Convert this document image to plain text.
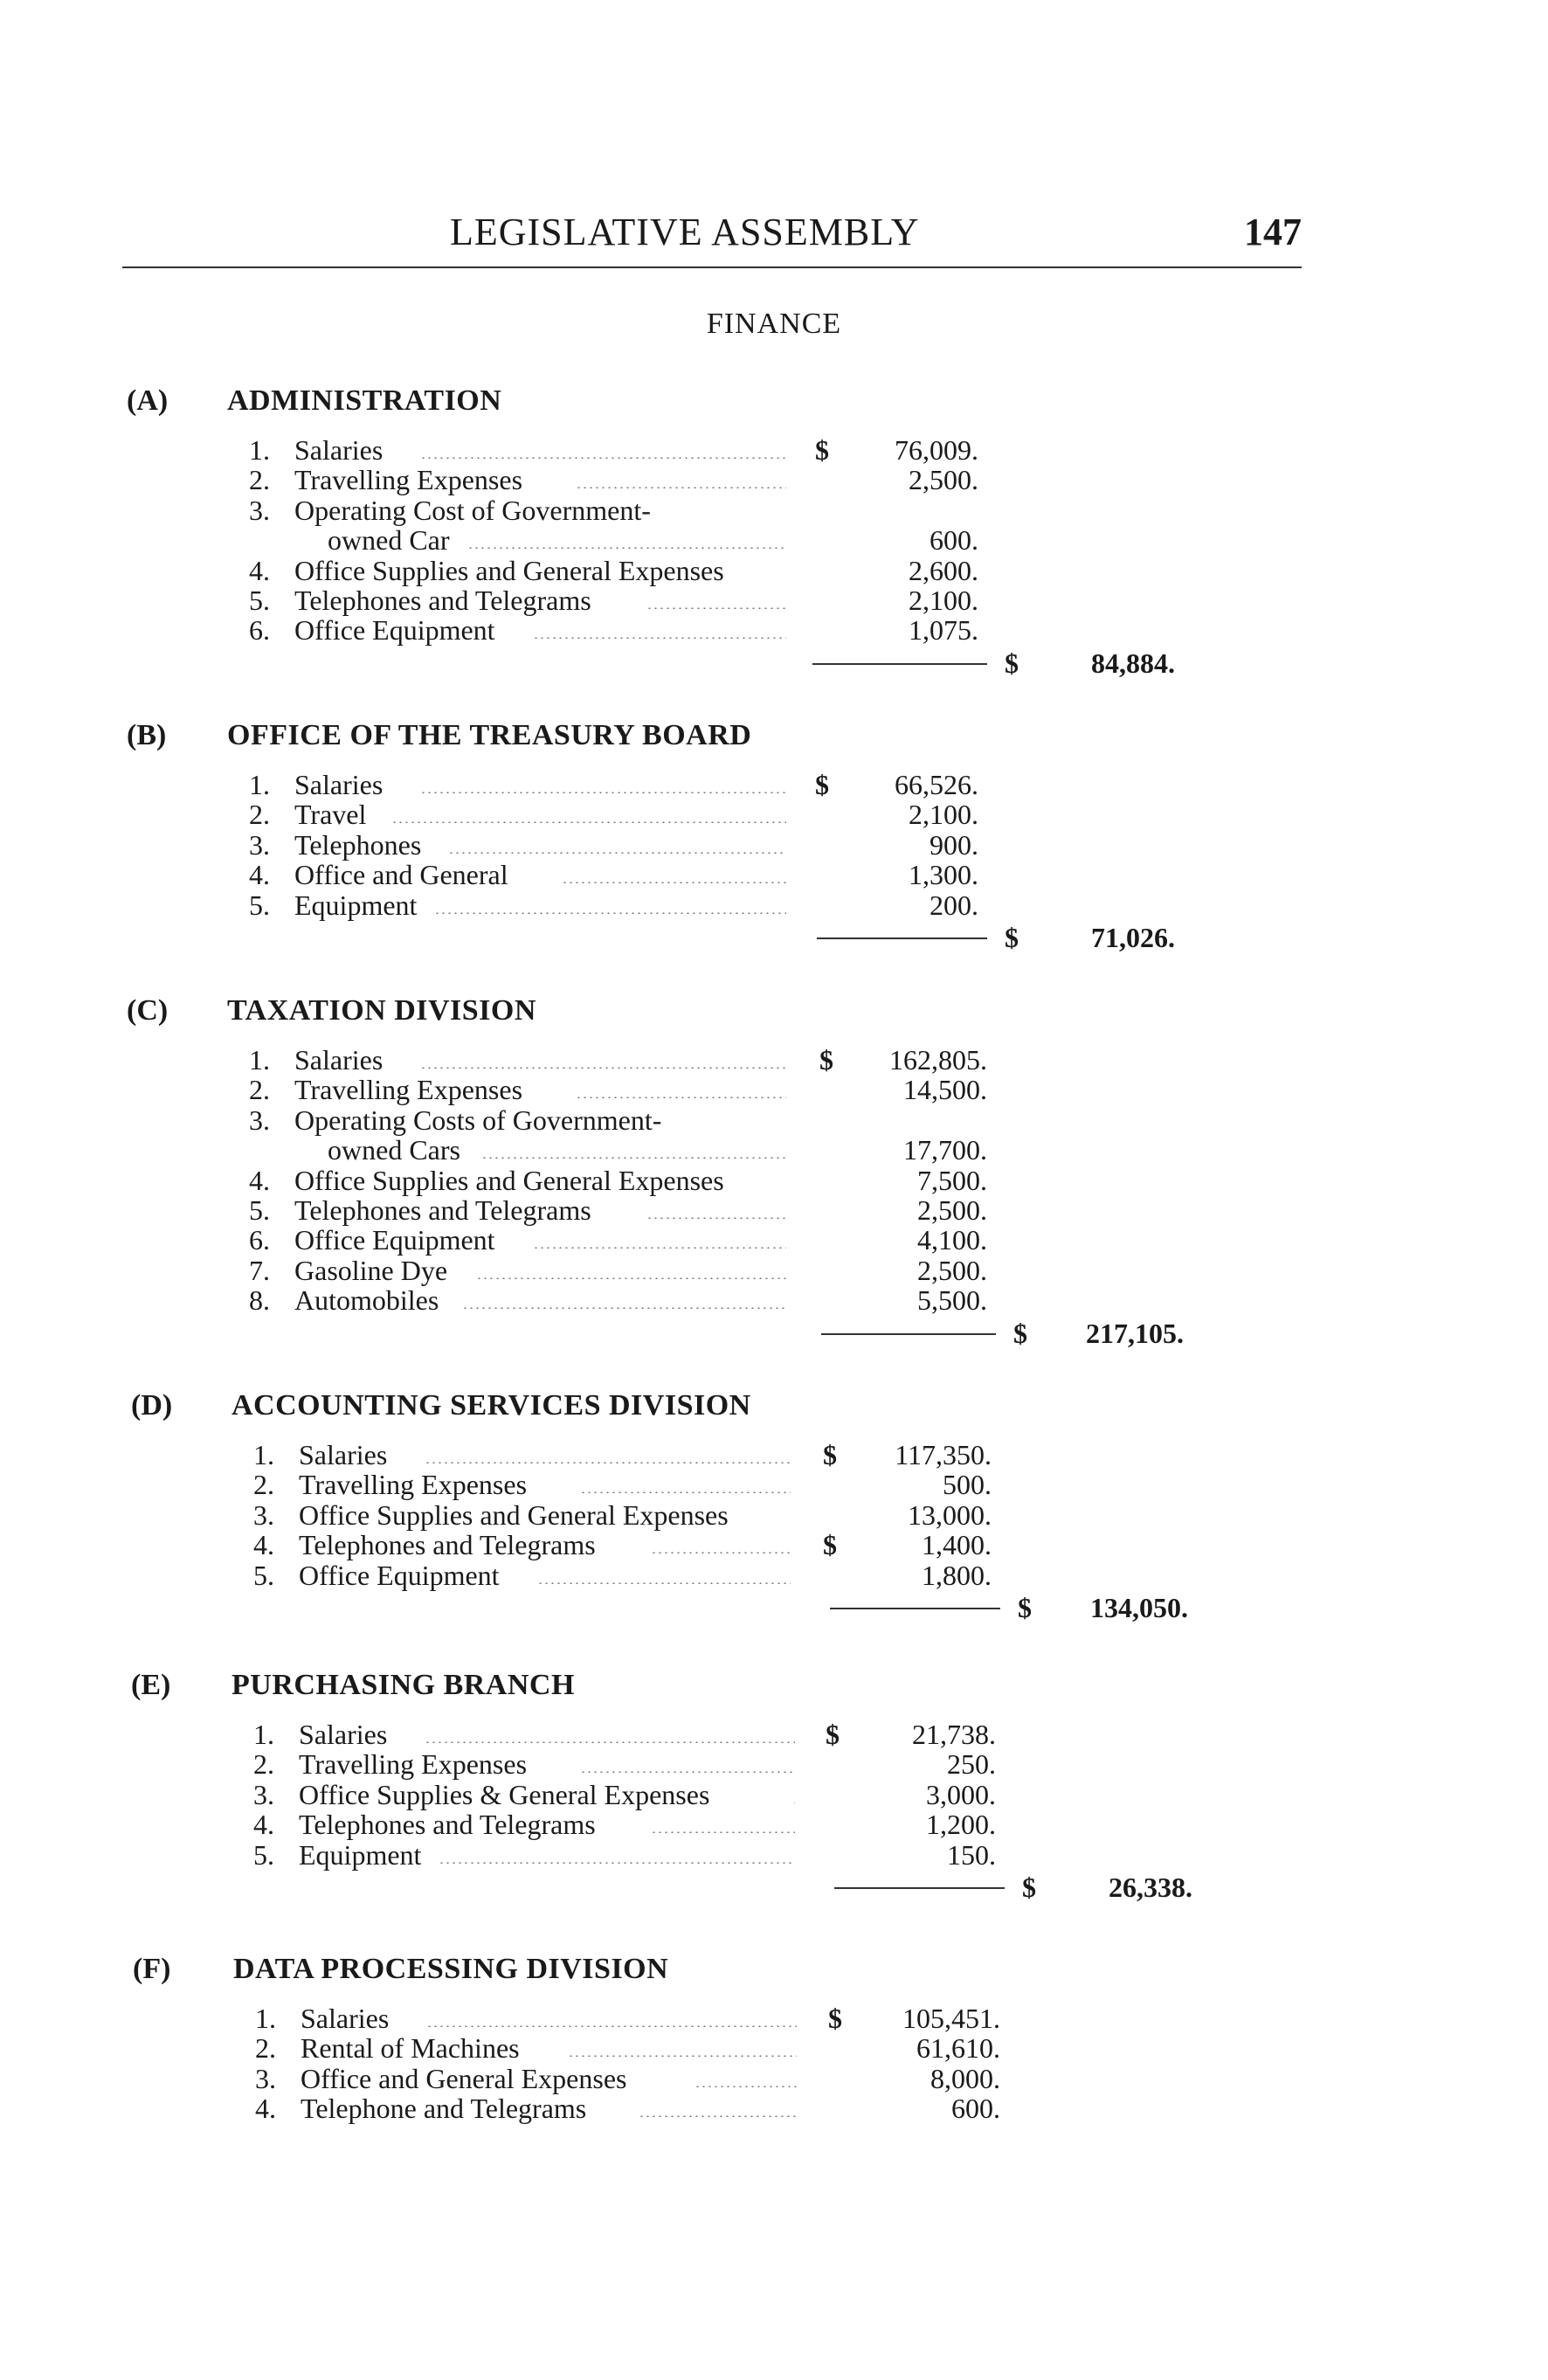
LEGISLATIVE ASSEMBLY	147
FINANCE
(A) ADMINISTRATION
1. Salaries	$	76,009.
2. Travelling Expenses	2,500.
3. Operating Cost of Government-
owned Car	600.
4. Office Supplies and General Expenses	2,600.
5. Telephones and Telegrams	2,100.
6. Office Equipment	1,075.
$	84,884.
(B) OFFICE OF THE TREASURY BOARD
1. Salaries	$	66,526.
2. Travel	2,100.
3. Telephones	900.
4. Office and General	1,300.
5. Equipment	200.
$	71,026.
(C) TAXATION DIVISION
1. Salaries	$	162,805.
2. Travelling Expenses	14,500.
3. Operating Costs of Government-
owned Cars	17,700.
4. Office Supplies and General Expenses	7,500.
5. Telephones and Telegrams	2,500.
6. Office Equipment	4,100.
7. Gasoline Dye	2,500.
8. Automobiles	5,500.
$	217,105.
(D) ACCOUNTING SERVICES DIVISION
1. Salaries	$	117,350.
2. Travelling Expenses	500.
3. Office Supplies and General Expenses	13,000.
4. Telephones and Telegrams	$	1,400.
5. Office Equipment	1,800.
$	134,050.
(E) PURCHASING BRANCH
1. Salaries	$	21,738.
2. Travelling Expenses	250.
3. Office Supplies & General Expenses	3,000.
4. Telephones and Telegrams	1,200.
5. Equipment	150.
$	26,338.
(F) DATA PROCESSING DIVISION
1. Salaries	$	105,451.
2. Rental of Machines	61,610.
3. Office and General Expenses	8,000.
4. Telephone and Telegrams	600.
